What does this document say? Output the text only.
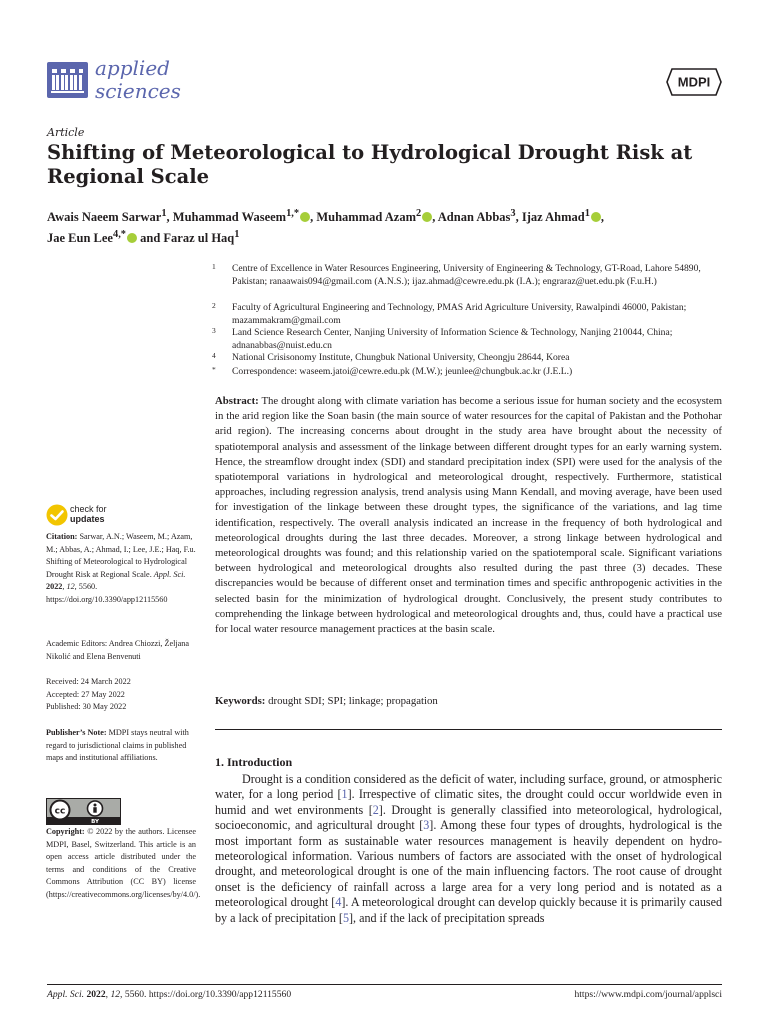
applied
sciences	MDPI
Article
Shifting of Meteorological to Hydrological Drought Risk at Regional Scale
Awais Naeem Sarwar$^1$, Muhammad Waseem$^{1,*}$ , Muhammad Azam$^2$ , Adnan Abbas$^3$, Ijaz Ahmad$^1$ ,
Jae Eun Lee$^{4,*}$ and Faraz ul Haq$^1$
1 Centre of Excellence in Water Resources Engineering, University of Engineering & Technology, GT-Road, Lahore 54890, Pakistan; ranaawais094@gmail.com (A.N.S.); ijaz.ahmad@cewre.edu.pk (I.A.); engraraz@uet.edu.pk (F.u.H.)
2 Faculty of Agricultural Engineering and Technology, PMAS Arid Agriculture University, Rawalpindi 46000, Pakistan; mazammakram@gmail.com
3 Land Science Research Center, Nanjing University of Information Science & Technology, Nanjing 210044, China; adnanabbas@nuist.edu.cn
4 National Crisisonomy Institute, Chungbuk National University, Cheongju 28644, Korea
* Correspondence: waseem.jatoi@cewre.edu.pk (M.W.); jeunlee@chungbuk.ac.kr (J.E.L.)
Abstract: The drought along with climate variation has become a serious issue for human society and the ecosystem in the arid region like the Soan basin (the main source of water resources for the capital of Pakistan and the Pothohar arid region). The increasing concerns about drought in the study area have brought about the necessity of spatiotemporal analysis and assessment of the linkage between different drought types for an early warning system. Hence, the streamflow drought index (SDI) and standard precipitation index (SPI) were used for the analysis of the spatiotemporal variations in hydrological and meteorological drought, respectively. Furthermore, statistical approaches, including regression analysis, trend analysis using Mann Kendall, and moving average, have been used for investigation of the linkage between these drought types, the significance of the variations, and lag time identification, respectively. The overall analysis indicated an increase in the frequency of both hydrological and meteorological droughts during the last three decades. Moreover, a strong linkage between hydrological and meteorological droughts was found; and this relationship varied on the spatiotemporal scale. Significant variations between hydrological and meteorological droughts also resulted during the past three (3) decades. These discrepancies would be because of different onset and termination times and specific anthropogenic activities in the selected basin for the minimization of hydrological drought. Conclusively, the present study contributes to comprehending the linkage between hydrological and meteorological droughts and, thus, could have a practical use for local water resource management practices at the basin scale.
Keywords: drought SDI; SPI; linkage; propagation
1. Introduction
Drought is a condition considered as the deficit of water, including surface, ground, or atmospheric water, for a long period [1]. Irrespective of climatic sites, the drought could occur worldwide even in humid and wet environments [2]. Drought is generally classified into meteorological, hydrological, socioeconomic, and agricultural drought [3]. Among these four types of droughts, hydrological is the most important form as sustainable water resources management is heavily dependent on hydro-meteorological information. Various numbers of factors are associated with the onset of hydrological drought, and meteorological drought is one of the main influencing factors. The root cause of drought onset is the deficiency of rainfall across a large area for a very long period and is notated as a meteorological drought [4]. A meteorological drought can develop quickly because it is primarily caused by a lack of precipitation [5], and if the lack of precipitation spreads
check for
updates
Citation: Sarwar, A.N.; Waseem, M.; Azam, M.; Abbas, A.; Ahmad, I.; Lee, J.E.; Haq, F.u. Shifting of Meteorological to Hydrological Drought Risk at Regional Scale. Appl. Sci. 2022, 12, 5560. https://doi.org/10.3390/app12115560
Academic Editors: Andrea Chiozzi, Željana Nikolić and Elena Benvenuti
Received: 24 March 2022
Accepted: 27 May 2022
Published: 30 May 2022
Publisher’s Note: MDPI stays neutral with regard to jurisdictional claims in published maps and institutional affiliations.
cc
BY
Copyright: © 2022 by the authors. Licensee MDPI, Basel, Switzerland. This article is an open access article distributed under the terms and conditions of the Creative Commons Attribution (CC BY) license (https://creativecommons.org/licenses/by/4.0/).
Appl. Sci. 2022, 12, 5560. https://doi.org/10.3390/app12115560	https://www.mdpi.com/journal/applsci
